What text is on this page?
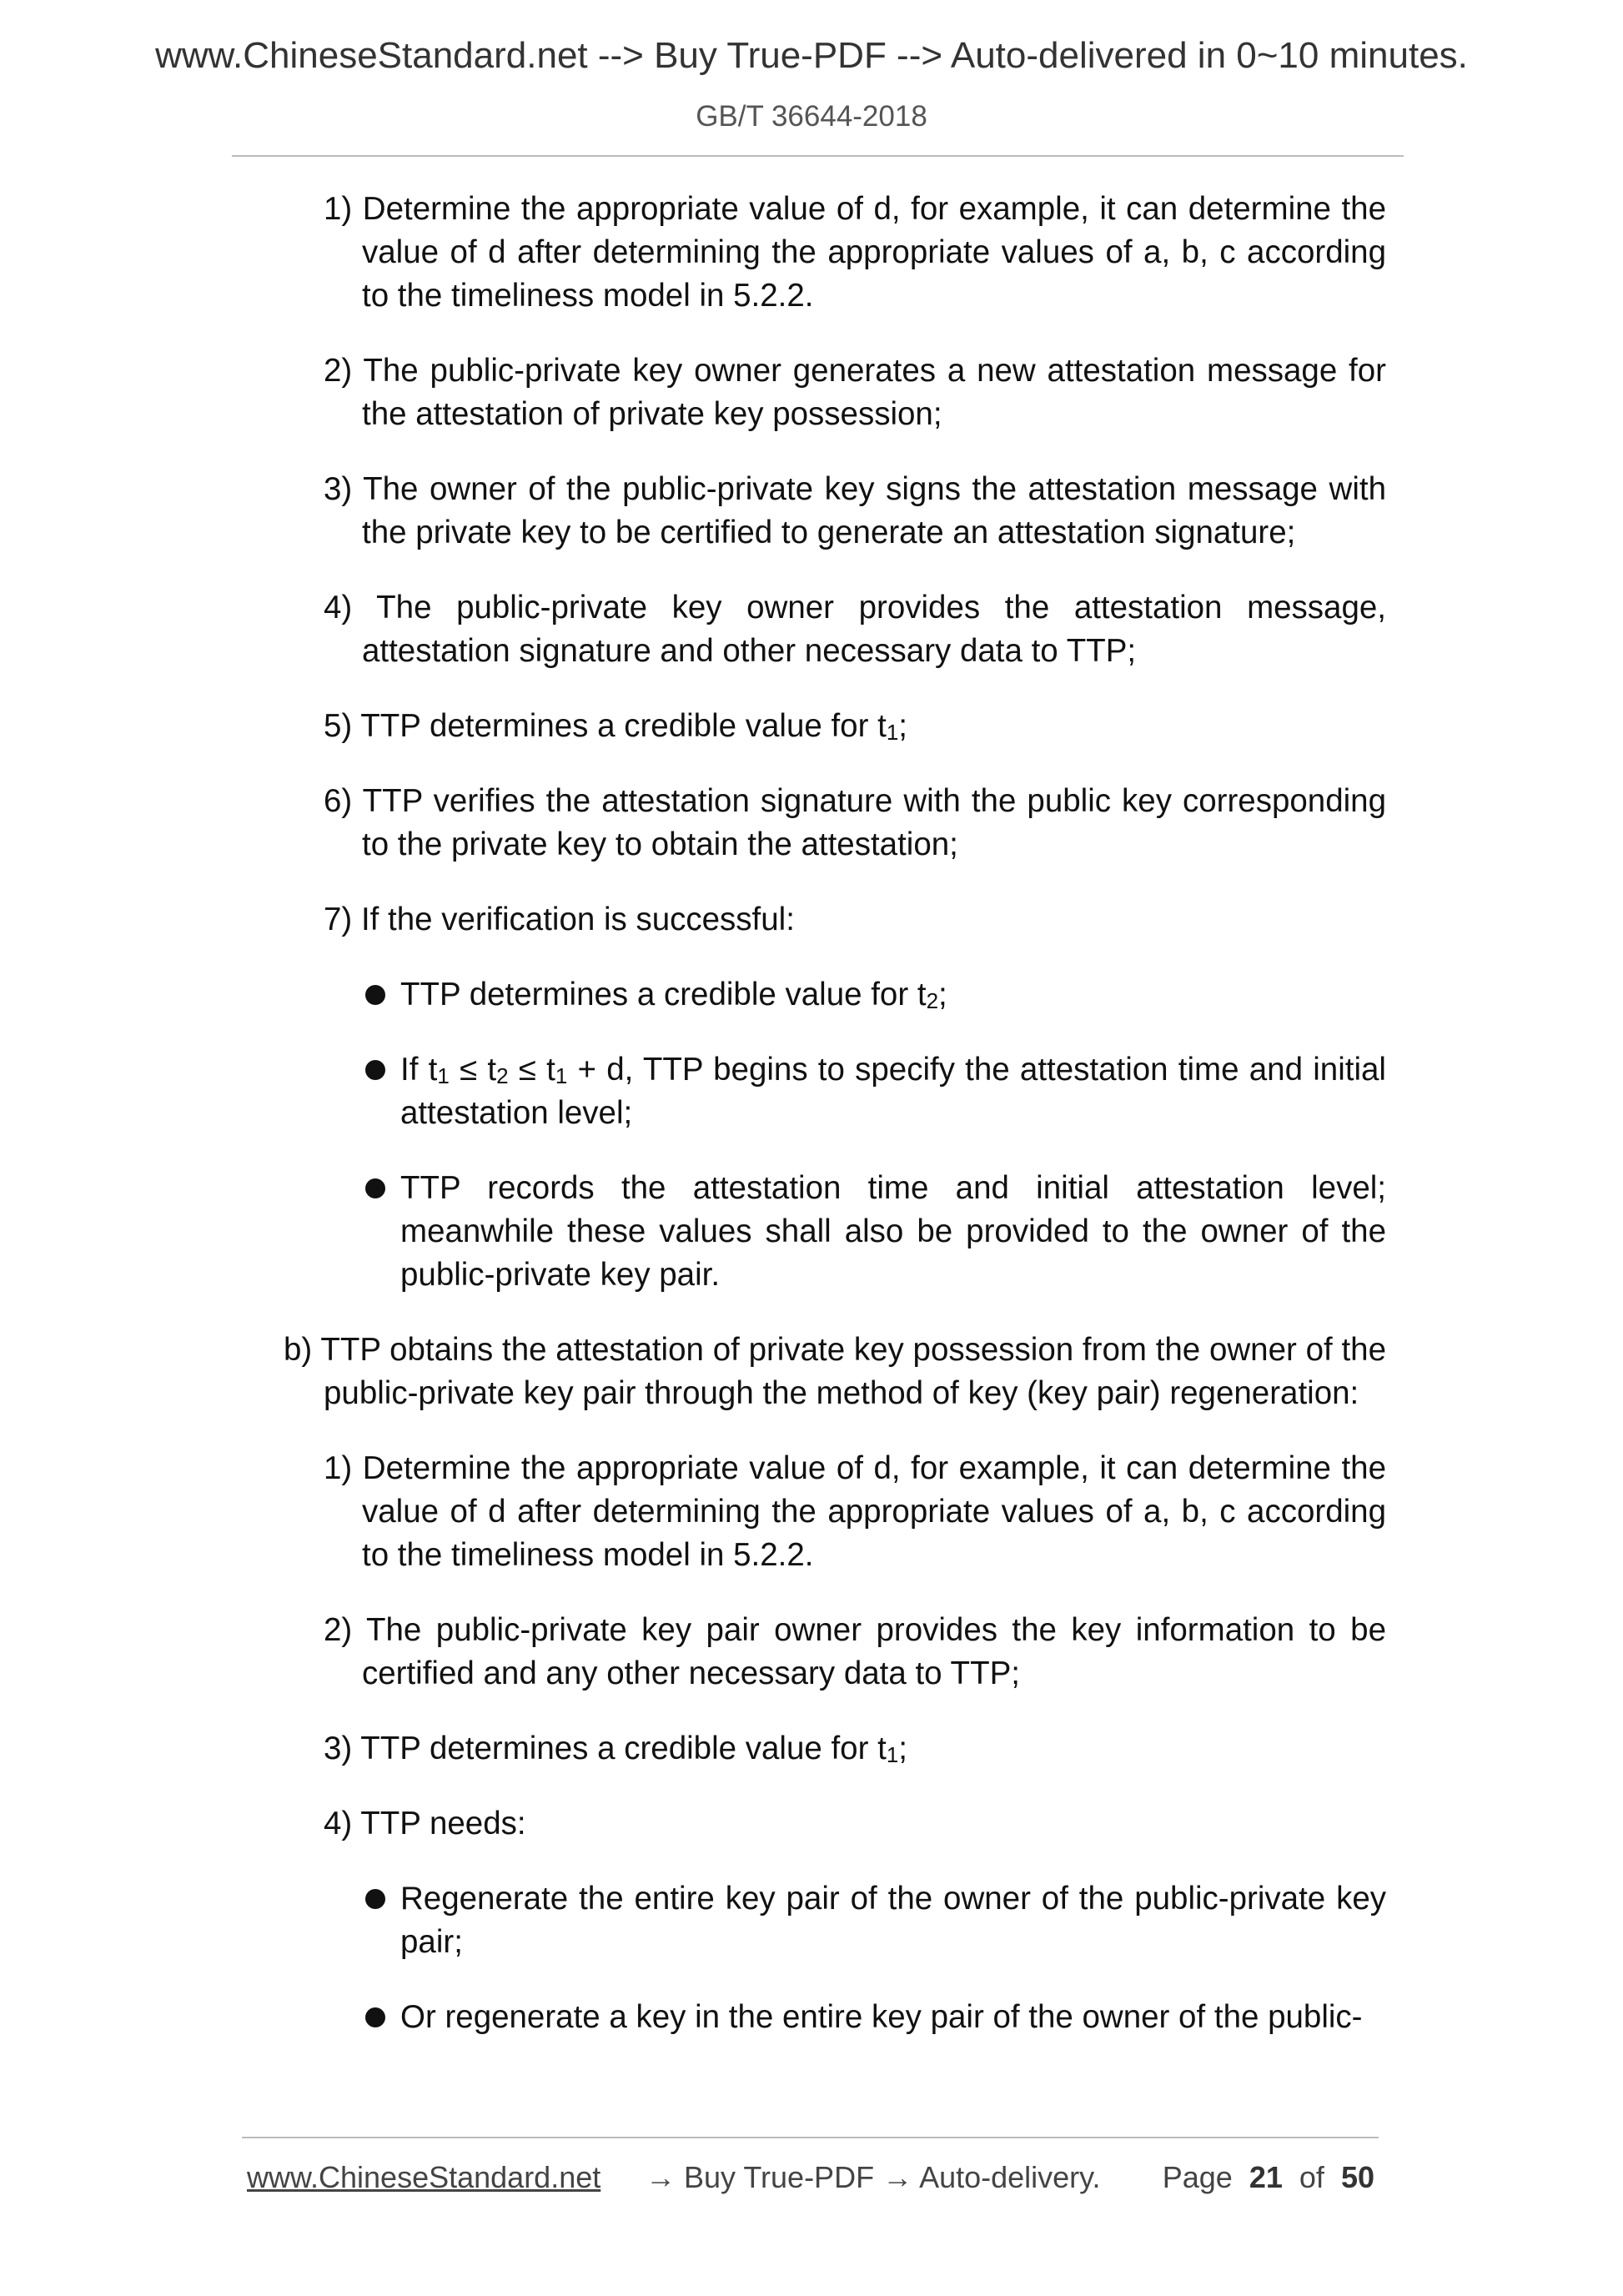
www.ChineseStandard.net --> Buy True-PDF --> Auto-delivered in 0~10 minutes.
GB/T 36644-2018

1) Determine the appropriate value of d, for example, it can determine the value of d after determining the appropriate values of a, b, c according to the timeliness model in 5.2.2.

2) The public-private key owner generates a new attestation message for the attestation of private key possession;

3) The owner of the public-private key signs the attestation message with the private key to be certified to generate an attestation signature;

4) The public-private key owner provides the attestation message, attestation signature and other necessary data to TTP;

5) TTP determines a credible value for $t_1$;

6) TTP verifies the attestation signature with the public key corresponding to the private key to obtain the attestation;

7) If the verification is successful:

TTP determines a credible value for $t_2$;

If $t_1 \le t_2 \le t_1 + d$, TTP begins to specify the attestation time and initial attestation level;

TTP records the attestation time and initial attestation level; meanwhile these values shall also be provided to the owner of the public-private key pair.

b) TTP obtains the attestation of private key possession from the owner of the public-private key pair through the method of key (key pair) regeneration:

1) Determine the appropriate value of d, for example, it can determine the value of d after determining the appropriate values of a, b, c according to the timeliness model in 5.2.2.

2) The public-private key pair owner provides the key information to be certified and any other necessary data to TTP;

3) TTP determines a credible value for $t_1$;

4) TTP needs:

Regenerate the entire key pair of the owner of the public-private key pair;

Or regenerate a key in the entire key pair of the owner of the public-

www.ChineseStandard.net → Buy True-PDF → Auto-delivery. Page 21 of 50
